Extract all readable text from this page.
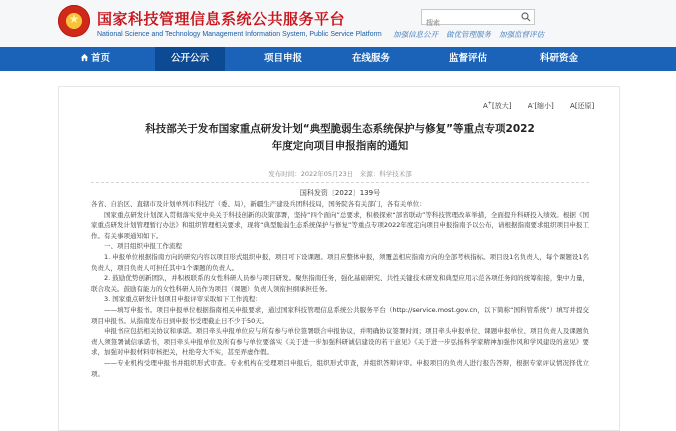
★
国家科技管理信息系统公共服务平台
National Science and Technology Management Information System, Public Service Platform
搜索 加强信息公开 做优管理服务 加强监督评估
首页	公开公示	项目申报	在线服务	监督评估	科研资金
A+[放大] A-[缩小] A[还原]
科技部关于发布国家重点研发计划“典型脆弱生态系统保护与修复”等重点专项2022
年度定向项目申报指南的通知
发布时间：2022年05月23日　来源：科学技术部
国科发资〔2022〕139号

各省、自治区、直辖市及计划单列市科技厅（委、局），新疆生产建设兵团科技局，国务院各有关部门，各有关单位：

国家重点研发计划深入贯彻落实党中央关于科技创新的决策部署，坚持“四个面向”总要求，积极探索“部省联动”等科技管理改革举措，全面提升科研投入绩效。根据《国家重点研发计划管理暂行办法》和组织管理相关要求，现将“典型脆弱生态系统保护与修复”等重点专项2022年度定向项目申报指南予以公布，请根据指南要求组织项目申报工作。有关事项通知如下。

一、项目组织申报工作流程

1. 申报单位根据指南方向的研究内容以项目形式组织申报，项目可下设课题。项目应整体申报，须覆盖相应指南方向的全部考核指标。项目设1名负责人，每个课题设1名负责人，项目负责人可担任其中1个课题的负责人。

2. 鼓励优势创新团队，并积极联系的女性科研人员参与项目研发。聚焦指南任务，强化基础研究、共性关键技术研发和典型应用示范各项任务间的统筹衔接，集中力量，联合攻关。鼓励有能力的女性科研人员作为项目（课题）负责人领衔担纲承担任务。

3. 国家重点研发计划项目申报评审采取如下工作流程：

——填写申报书。项目申报单位根据指南相关申报要求，通过国家科技管理信息系统公共服务平台（http://service.most.gov.cn，以下简称“国科管系统”）填写并提交项目申报书。从指南发布日到申报书受理截止日不少于50天。

申报书应包括相关协议和承诺。项目牵头申报单位应与所有参与单位签署联合申报协议，并明确协议签署时间；项目牵头申报单位、课题申报单位、项目负责人及课题负责人须签署诚信承诺书，项目牵头申报单位及所有参与单位要落实《关于进一步加强科研诚信建设的若干意见》《关于进一步弘扬科学家精神加强作风和学风建设的意见》要求，加强对申报材料审核把关，杜绝夸大不实，甚至弄虚作假。

——专业机构受理申报书并组织形式审查。专业机构在受理项目申报后，组织形式审查，并组织答辩评审。申报项目的负责人进行报告答辩，根据专家评议情况择优立项。
